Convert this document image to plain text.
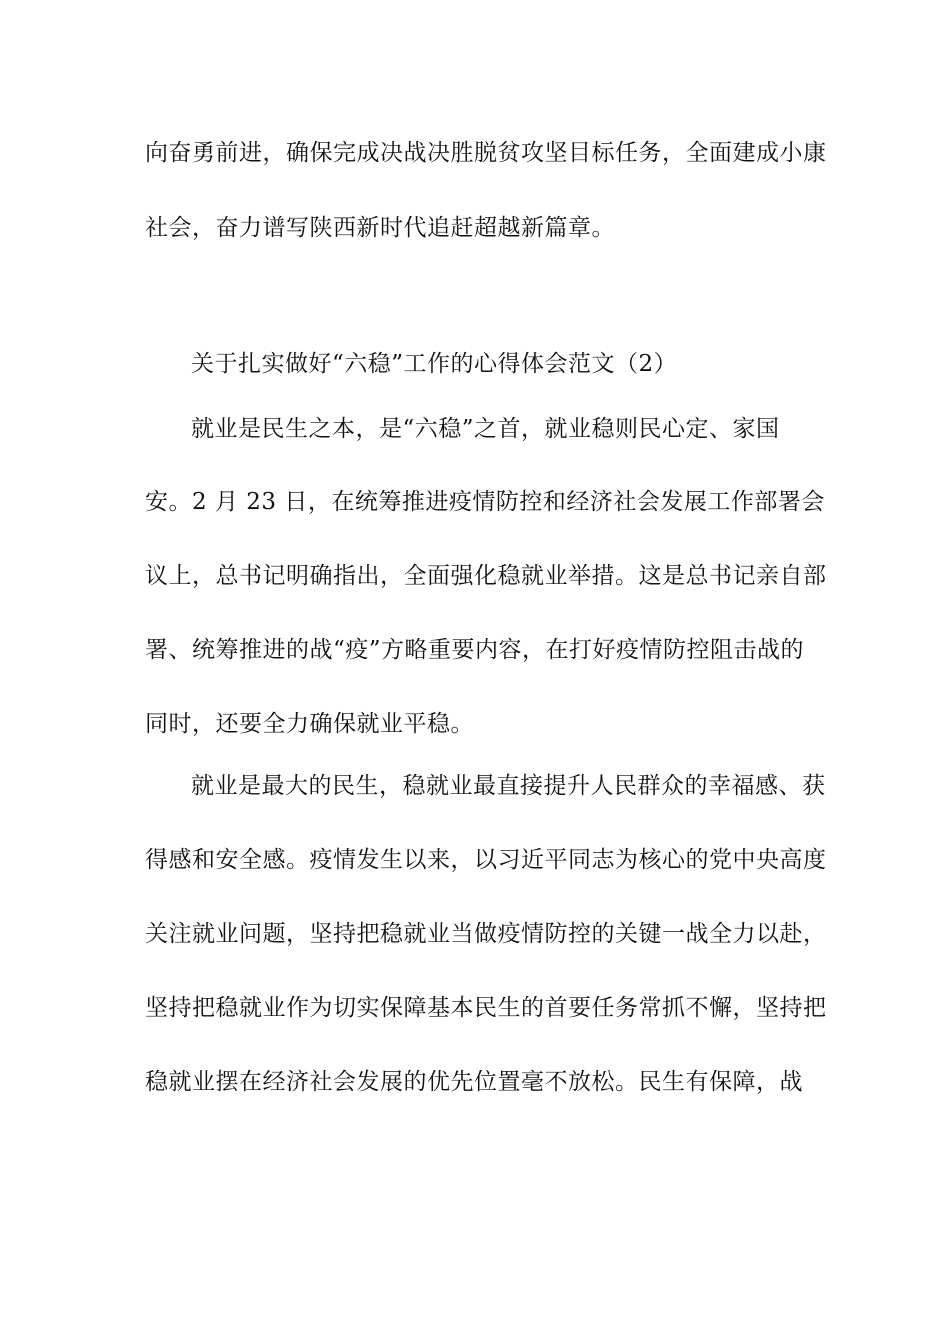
向奋勇前进，确保完成决战决胜脱贫攻坚目标任务，全面建成小康
社会，奋力谱写陕西新时代追赶超越新篇章。
关于扎实做好“六稳”工作的心得体会范文（2）
就业是民生之本，是“六稳”之首，就业稳则民心定、家国
安。2 月 23 日，在统筹推进疫情防控和经济社会发展工作部署会
议上，总书记明确指出，全面强化稳就业举措。这是总书记亲自部
署、统筹推进的战“疫”方略重要内容，在打好疫情防控阻击战的
同时，还要全力确保就业平稳。
就业是最大的民生，稳就业最直接提升人民群众的幸福感、获
得感和安全感。疫情发生以来，以习近平同志为核心的党中央高度
关注就业问题，坚持把稳就业当做疫情防控的关键一战全力以赴，
坚持把稳就业作为切实保障基本民生的首要任务常抓不懈，坚持把
稳就业摆在经济社会发展的优先位置毫不放松。民生有保障，战
